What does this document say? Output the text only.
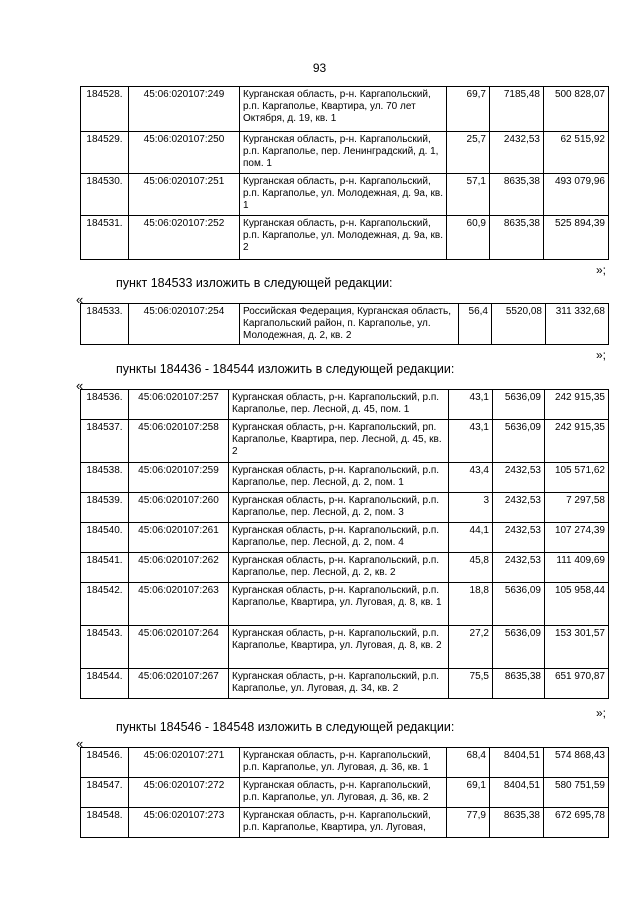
93
184528.	45:06:020107:249	Курганская область, р-н. Каргапольский, р.п. Каргаполье, Квартира, ул. 70 лет Октября, д. 19, кв. 1	69,7	7185,48	500 828,07
184529.	45:06:020107:250	Курганская область, р-н. Каргапольский, р.п. Каргаполье, пер. Ленинградский, д. 1, пом. 1	25,7	2432,53	62 515,92
184530.	45:06:020107:251	Курганская область, р-н. Каргапольский, р.п. Каргаполье, ул. Молодежная, д. 9а, кв. 1	57,1	8635,38	493 079,96
184531.	45:06:020107:252	Курганская область, р-н. Каргапольский, р.п. Каргаполье, ул. Молодежная, д. 9а, кв. 2	60,9	8635,38	525 894,39
»;
пункт 184533 изложить в следующей редакции:
«
184533.	45:06:020107:254	Российская Федерация, Курганская область, Каргапольский район, п. Каргаполье, ул. Молодежная, д. 2, кв. 2	56,4	5520,08	311 332,68
»;
пункты 184436 - 184544 изложить в следующей редакции:
«
184536.	45:06:020107:257	Курганская область, р-н. Каргапольский, р.п. Каргаполье, пер. Лесной, д. 45, пом. 1	43,1	5636,09	242 915,35
184537.	45:06:020107:258	Курганская область, р-н. Каргапольский, рп. Каргаполье, Квартира, пер. Лесной, д. 45, кв. 2	43,1	5636,09	242 915,35
184538.	45:06:020107:259	Курганская область, р-н. Каргапольский, р.п. Каргаполье, пер. Лесной, д. 2, пом. 1	43,4	2432,53	105 571,62
184539.	45:06:020107:260	Курганская область, р-н. Каргапольский, р.п. Каргаполье, пер. Лесной, д. 2, пом. 3	3	2432,53	7 297,58
184540.	45:06:020107:261	Курганская область, р-н. Каргапольский, р.п. Каргаполье, пер. Лесной, д. 2, пом. 4	44,1	2432,53	107 274,39
184541.	45:06:020107:262	Курганская область, р-н. Каргапольский, р.п. Каргаполье, пер. Лесной, д. 2, кв. 2	45,8	2432,53	111 409,69
184542.	45:06:020107:263	Курганская область, р-н. Каргапольский, р.п. Каргаполье, Квартира, ул. Луговая, д. 8, кв. 1	18,8	5636,09	105 958,44
184543.	45:06:020107:264	Курганская область, р-н. Каргапольский, р.п. Каргаполье, Квартира, ул. Луговая, д. 8, кв. 2	27,2	5636,09	153 301,57
184544.	45:06:020107:267	Курганская область, р-н. Каргапольский, р.п. Каргаполье, ул. Луговая, д. 34, кв. 2	75,5	8635,38	651 970,87
»;
пункты 184546 - 184548 изложить в следующей редакции:
«
184546.	45:06:020107:271	Курганская область, р-н. Каргапольский, р.п. Каргаполье, ул. Луговая, д. 36, кв. 1	68,4	8404,51	574 868,43
184547.	45:06:020107:272	Курганская область, р-н. Каргапольский, р.п. Каргаполье, ул. Луговая, д. 36, кв. 2	69,1	8404,51	580 751,59
184548.	45:06:020107:273	Курганская область, р-н. Каргапольский, р.п. Каргаполье, Квартира, ул. Луговая,	77,9	8635,38	672 695,78
